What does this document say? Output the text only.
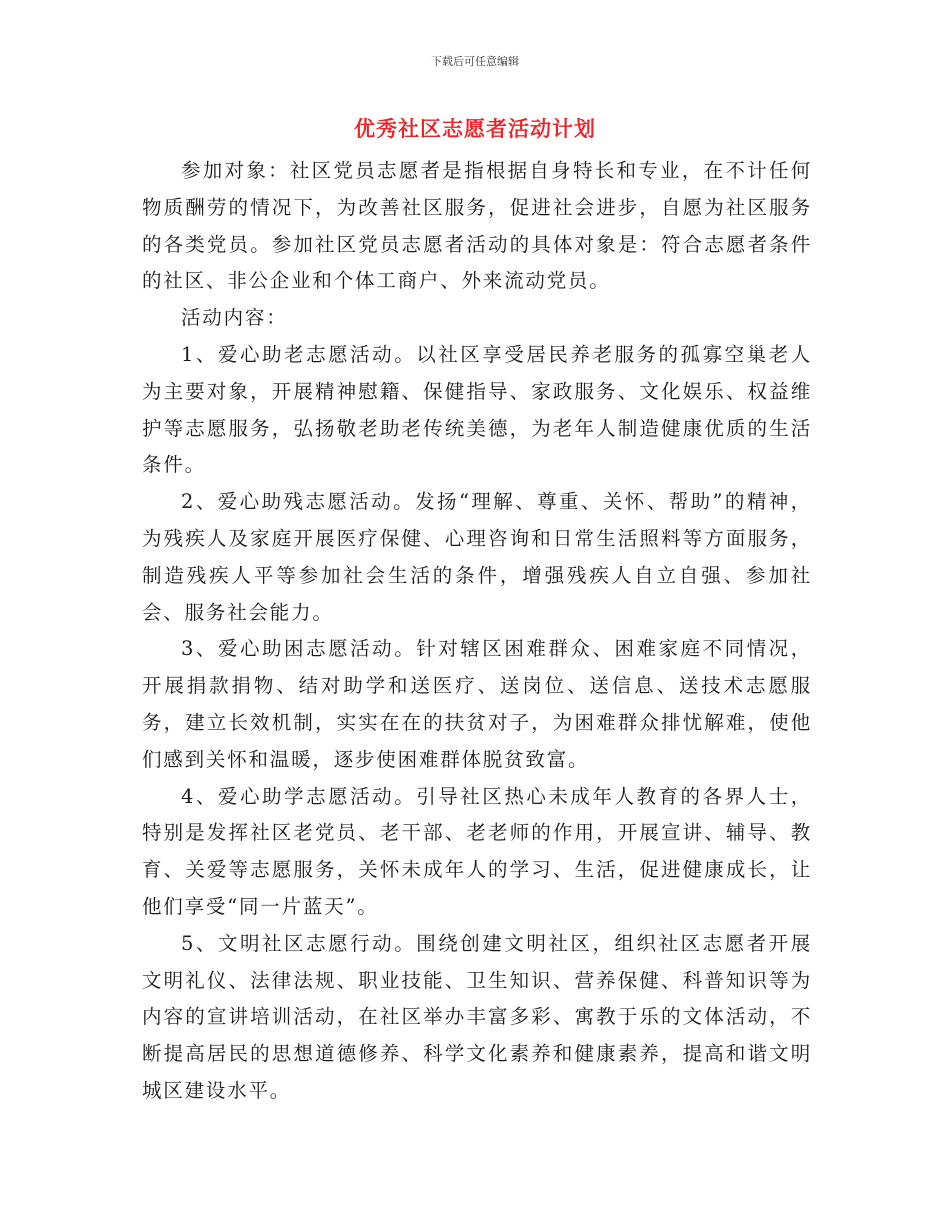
下载后可任意编辑
优秀社区志愿者活动计划

参加对象：社区党员志愿者是指根据自身特长和专业，在不计任何物质酬劳的情况下，为改善社区服务，促进社会进步，自愿为社区服务的各类党员。参加社区党员志愿者活动的具体对象是：符合志愿者条件的社区、非公企业和个体工商户、外来流动党员。

活动内容：

1、爱心助老志愿活动。以社区享受居民养老服务的孤寡空巢老人为主要对象，开展精神慰籍、保健指导、家政服务、文化娱乐、权益维护等志愿服务，弘扬敬老助老传统美德，为老年人制造健康优质的生活条件。

2、爱心助残志愿活动。发扬“理解、尊重、关怀、帮助”的精神，为残疾人及家庭开展医疗保健、心理咨询和日常生活照料等方面服务，制造残疾人平等参加社会生活的条件，增强残疾人自立自强、参加社会、服务社会能力。

3、爱心助困志愿活动。针对辖区困难群众、困难家庭不同情况，开展捐款捐物、结对助学和送医疗、送岗位、送信息、送技术志愿服务，建立长效机制，实实在在的扶贫对子，为困难群众排忧解难，使他们感到关怀和温暖，逐步使困难群体脱贫致富。

4、爱心助学志愿活动。引导社区热心未成年人教育的各界人士，特别是发挥社区老党员、老干部、老老师的作用，开展宣讲、辅导、教育、关爱等志愿服务，关怀未成年人的学习、生活，促进健康成长，让他们享受“同一片蓝天”。

5、文明社区志愿行动。围绕创建文明社区，组织社区志愿者开展文明礼仪、法律法规、职业技能、卫生知识、营养保健、科普知识等为内容的宣讲培训活动，在社区举办丰富多彩、寓教于乐的文体活动，不断提高居民的思想道德修养、科学文化素养和健康素养，提高和谐文明城区建设水平。
